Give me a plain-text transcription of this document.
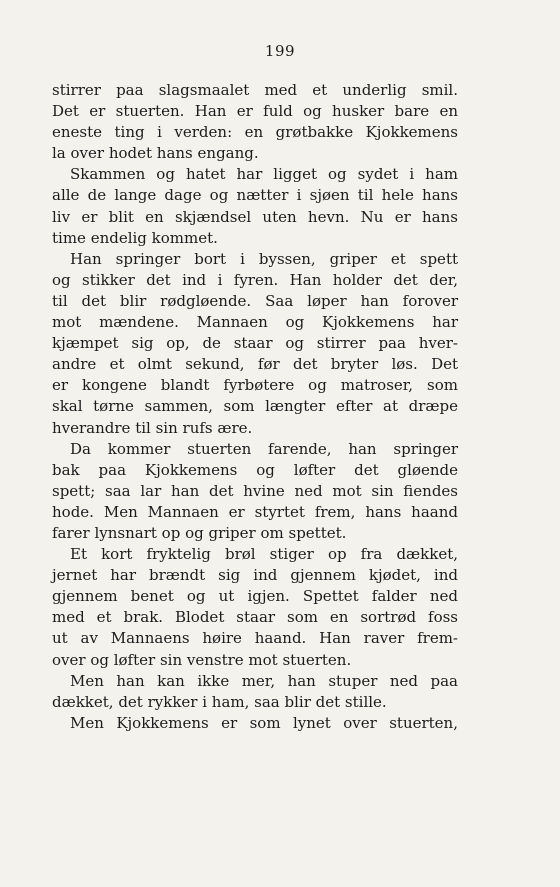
199
stirrer paa slagsmaalet med et underlig smil.
Det er stuerten. Han er fuld og husker bare en
eneste ting i verden: en grøtbakke Kjokkemens
la over hodet hans engang.
Skammen og hatet har ligget og sydet i ham
alle de lange dage og nætter i sjøen til hele hans
liv er blit en skjændsel uten hevn. Nu er hans
time endelig kommet.
Han springer bort i byssen, griper et spett
og stikker det ind i fyren. Han holder det der,
til det blir rødgløende. Saa løper han forover
mot mændene. Mannaen og Kjokkemens har
kjæmpet sig op, de staar og stirrer paa hver-
andre et olmt sekund, før det bryter løs. Det
er kongene blandt fyrbøtere og matroser, som
skal tørne sammen, som længter efter at dræpe
hverandre til sin rufs ære.
Da kommer stuerten farende, han springer
bak paa Kjokkemens og løfter det gløende
spett; saa lar han det hvine ned mot sin fiendes
hode. Men Mannaen er styrtet frem, hans haand
farer lynsnart op og griper om spettet.
Et kort fryktelig brøl stiger op fra dækket,
jernet har brændt sig ind gjennem kjødet, ind
gjennem benet og ut igjen. Spettet falder ned
med et brak. Blodet staar som en sortrød foss
ut av Mannaens høire haand. Han raver frem-
over og løfter sin venstre mot stuerten.
Men han kan ikke mer, han stuper ned paa
dækket, det rykker i ham, saa blir det stille.
Men Kjokkemens er som lynet over stuerten,
